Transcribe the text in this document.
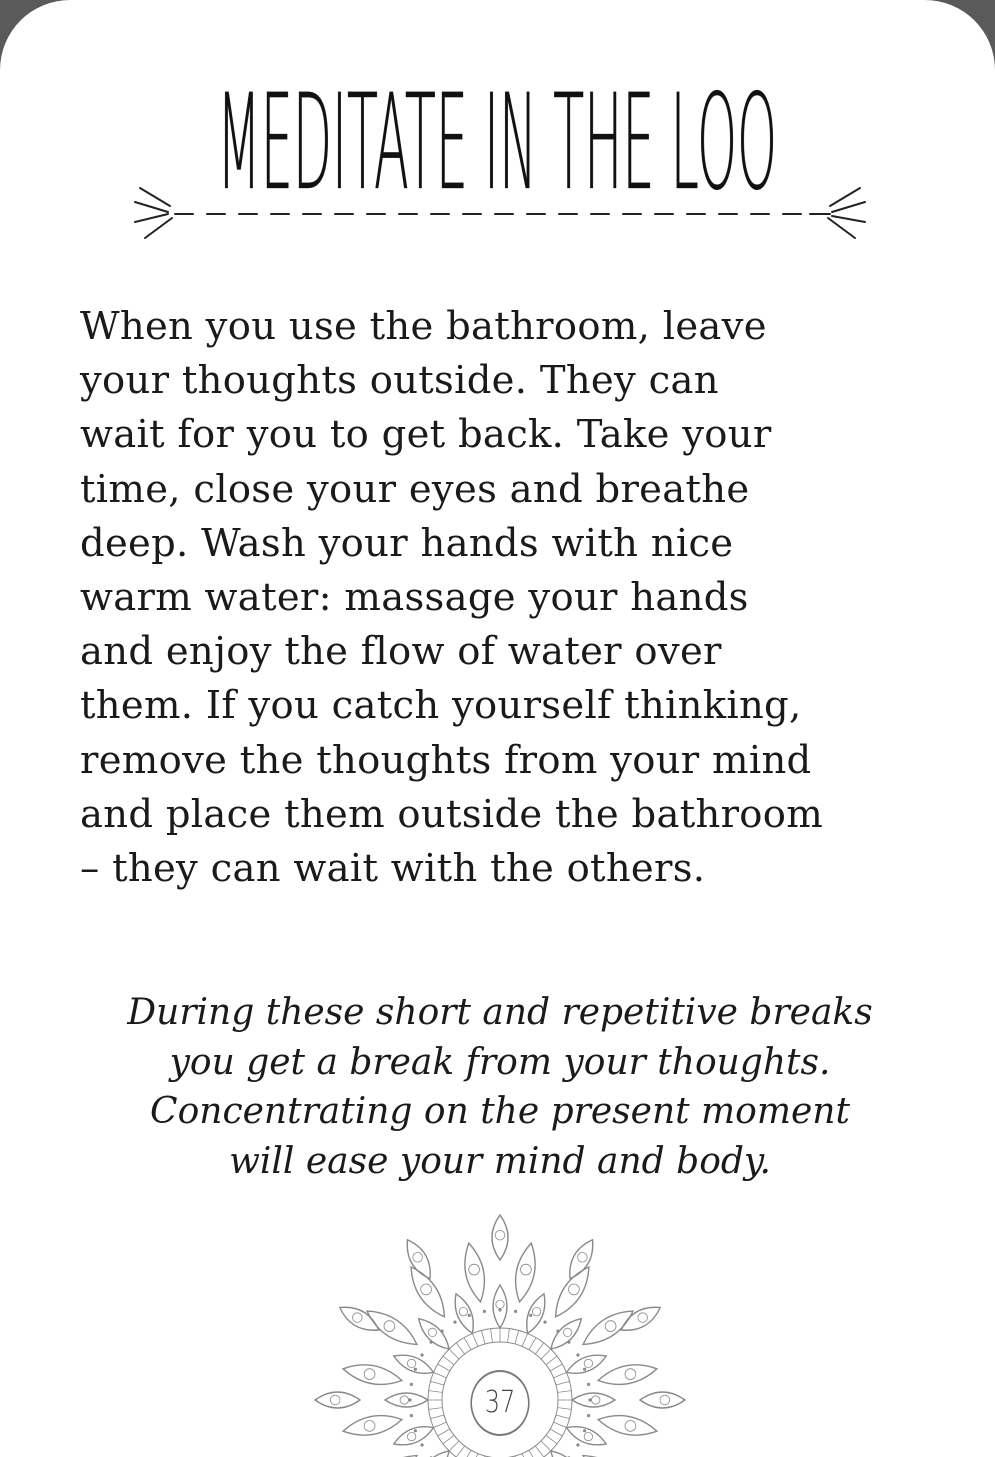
MEDITATE IN THE LOO
When you use the bathroom, leave
your thoughts outside. They can
wait for you to get back. Take your
time, close your eyes and breathe
deep. Wash your hands with nice
warm water: massage your hands
and enjoy the flow of water over
them. If you catch yourself thinking,
remove the thoughts from your mind
and place them outside the bathroom
– they can wait with the others.
During these short and repetitive breaks
you get a break from your thoughts.
Concentrating on the present moment
will ease your mind and body.
37
